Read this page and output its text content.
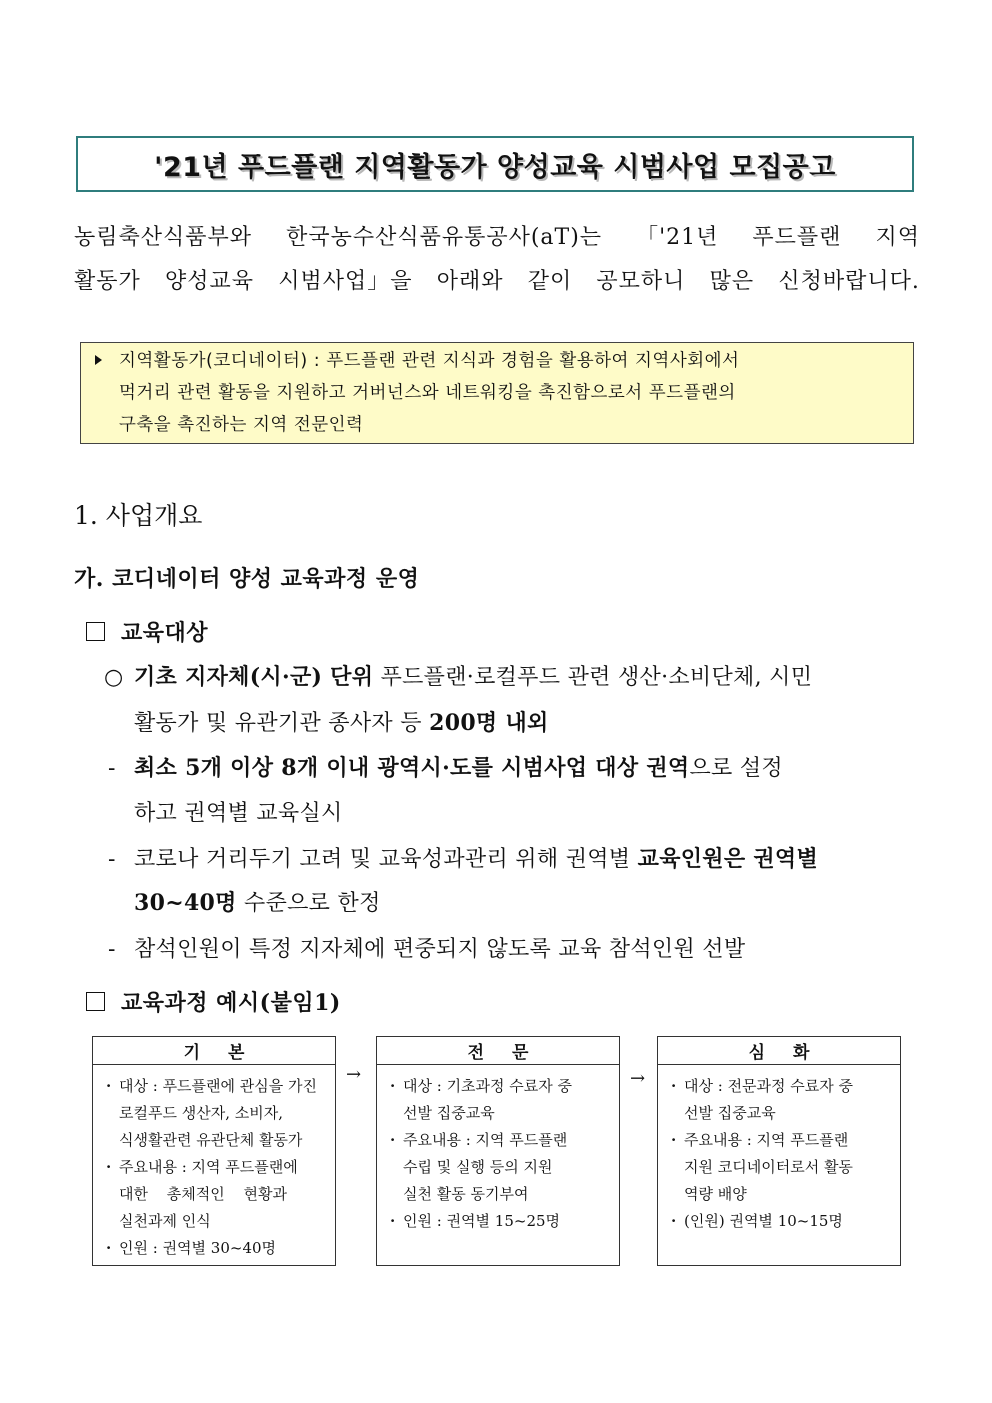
'21년 푸드플랜 지역활동가 양성교육 시범사업 모집공고
농림축산식품부와 한국농수산식품유통공사(aT)는 「'21년 푸드플랜 지역
활동가 양성교육 시범사업」을 아래와 같이 공모하니 많은 신청바랍니다.
지역활동가(코디네이터) : 푸드플랜 관련 지식과 경험을 활용하여 지역사회에서
먹거리 관련 활동을 지원하고 거버넌스와 네트워킹을 촉진함으로서 푸드플랜의
구축을 촉진하는 지역 전문인력
1. 사업개요
가. 코디네이터 양성 교육과정 운영
교육대상
○ 기초 지자체(시·군) 단위 푸드플랜·로컬푸드 관련 생산·소비단체, 시민
활동가 및 유관기관 종사자 등 200명 내외
- 최소 5개 이상 8개 이내 광역시·도를 시범사업 대상 권역으로 설정
하고 권역별 교육실시
- 코로나 거리두기 고려 및 교육성과관리 위해 권역별 교육인원은 권역별
30~40명 수준으로 한정
- 참석인원이 특정 지자체에 편중되지 않도록 교육 참석인원 선발
교육과정 예시(붙임1)
기본
· 대상 : 푸드플랜에 관심을 가진
로컬푸드 생산자, 소비자,
식생활관련 유관단체 활동가
· 주요내용 : 지역 푸드플랜에
대한 총체적인 현황과
실천과제 인식
· 인원 : 권역별 30~40명
→
전문
· 대상 : 기초과정 수료자 중
선발 집중교육
· 주요내용 : 지역 푸드플랜
수립 및 실행 등의 지원
실천 활동 동기부여
· 인원 : 권역별 15~25명
→
심화
· 대상 : 전문과정 수료자 중
선발 집중교육
· 주요내용 : 지역 푸드플랜
지원 코디네이터로서 활동
역량 배양
· (인원) 권역별 10~15명
